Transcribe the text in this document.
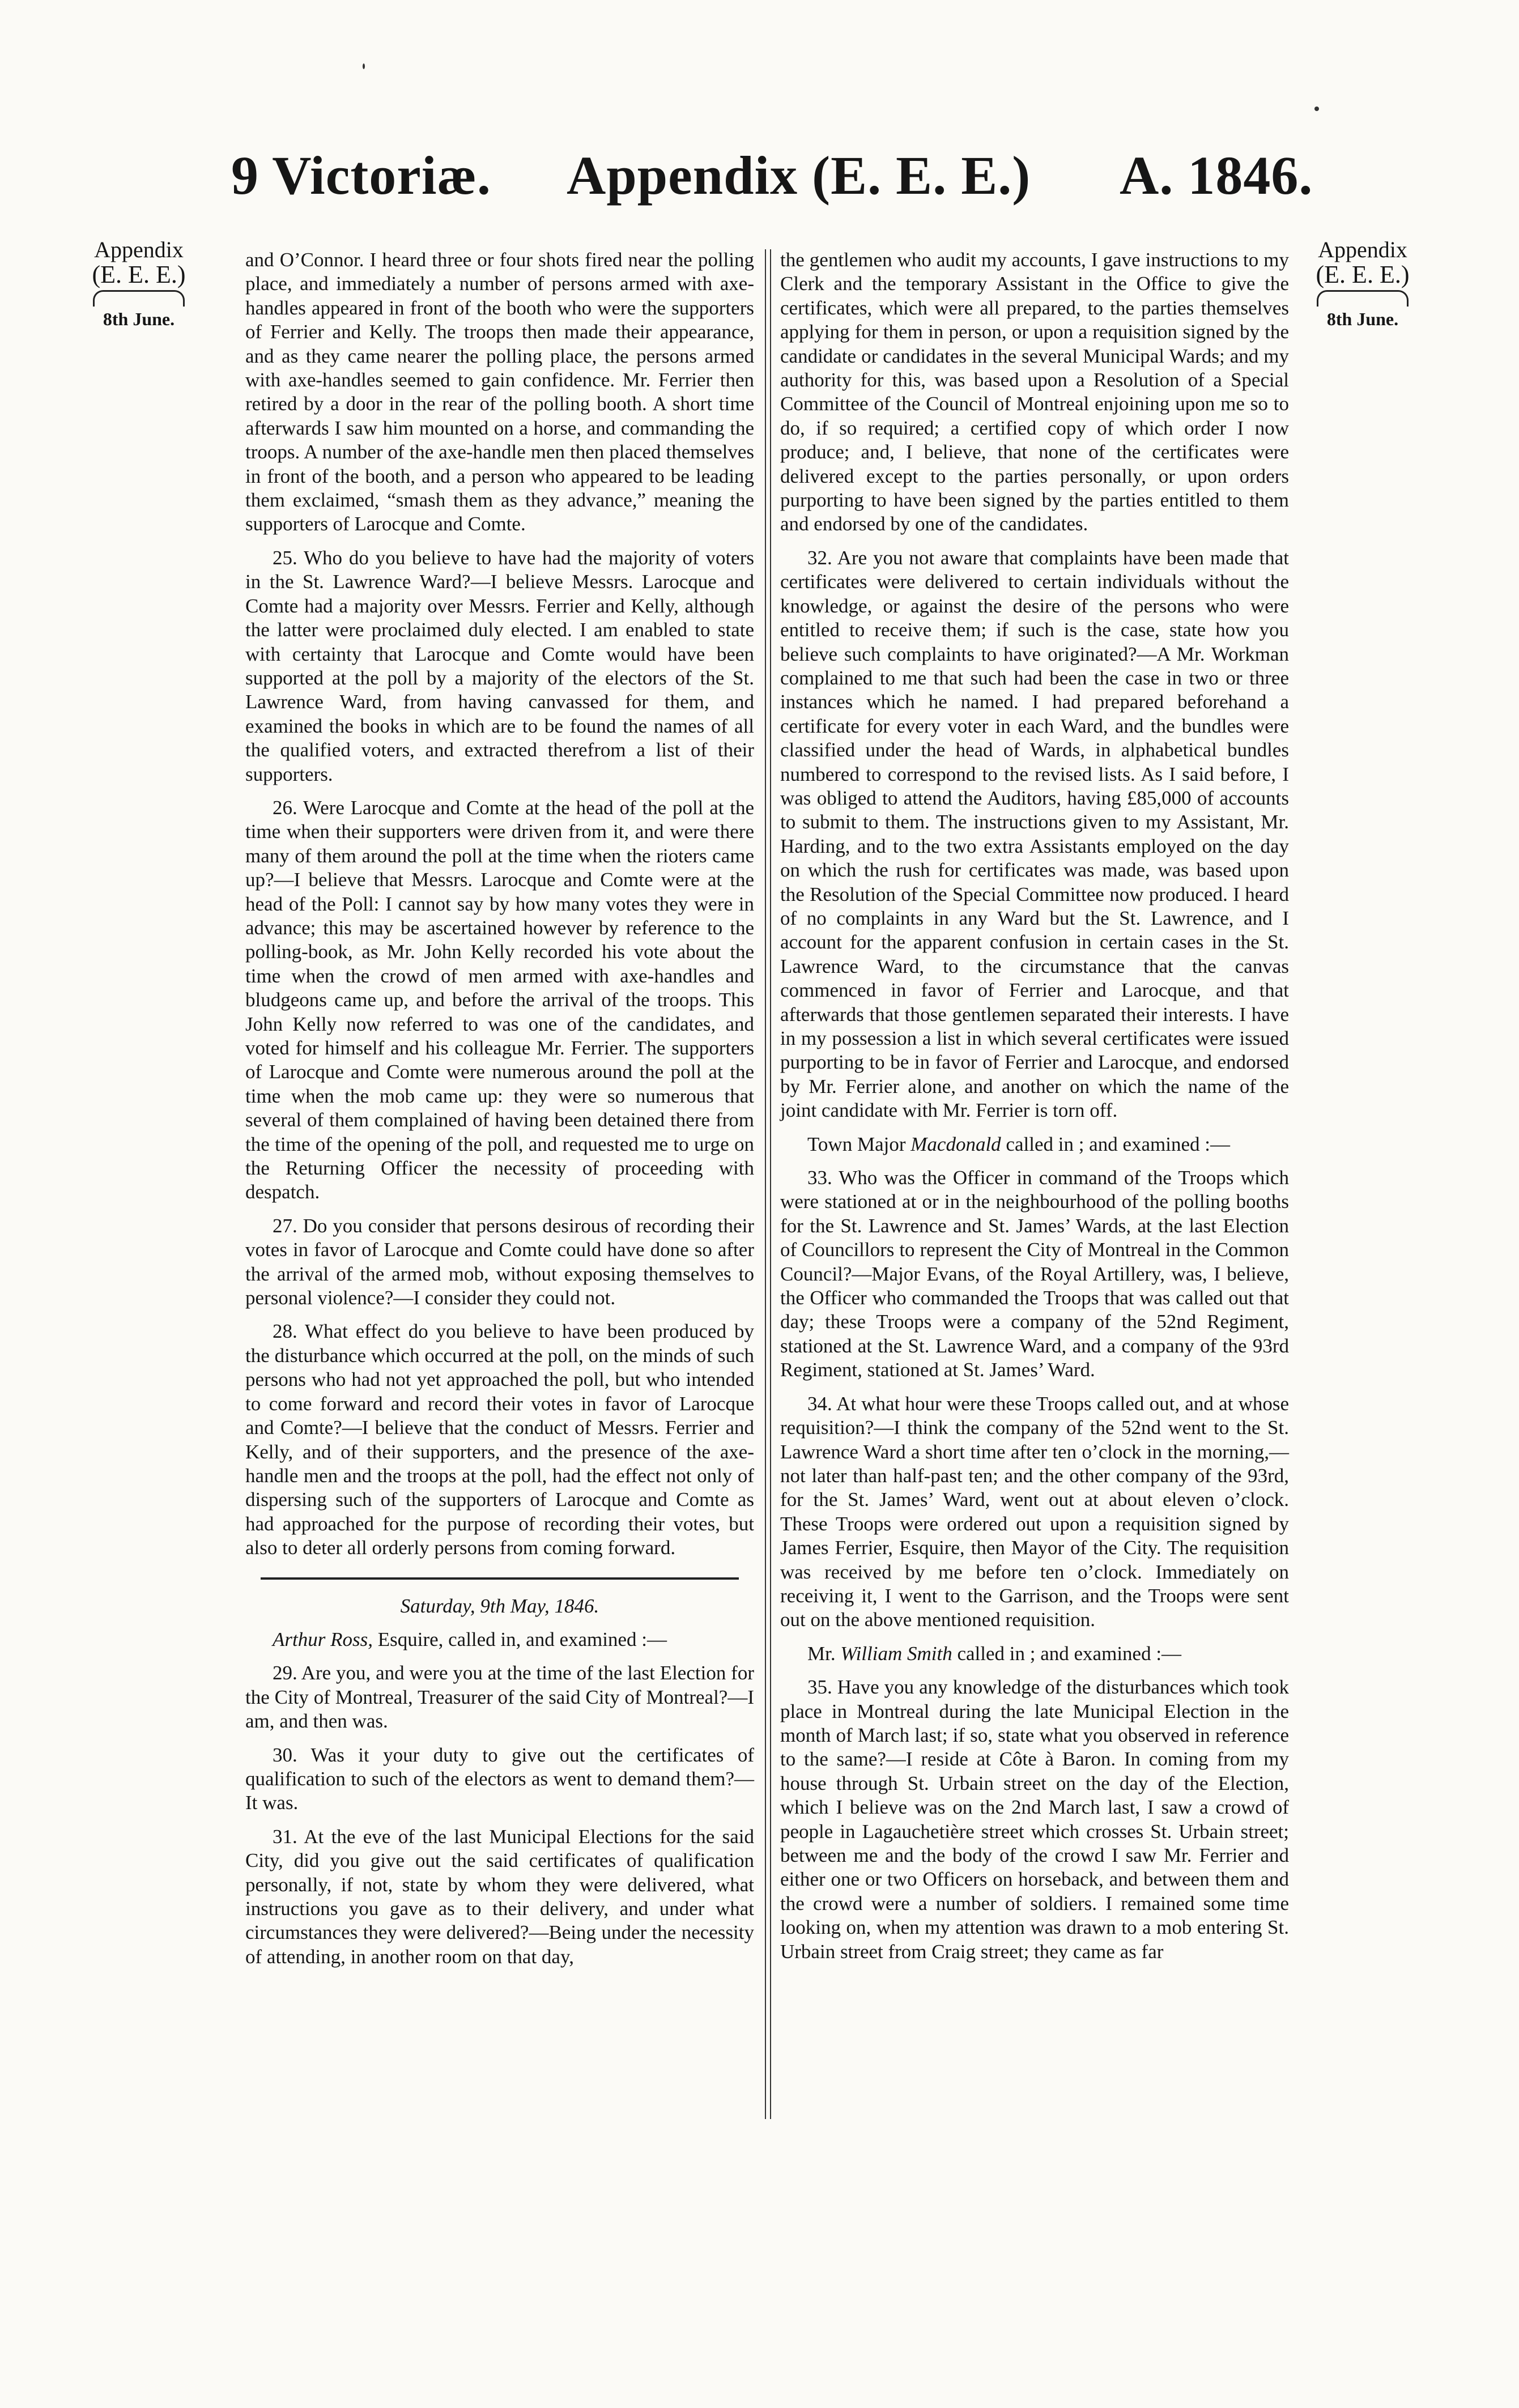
9 Victoriæ. Appendix (E. E. E.) A. 1846.
Appendix
(E. E. E.)
8th June.
Appendix
(E. E. E.)
8th June.

and O’Connor. I heard three or four shots fired near the polling place, and immediately a number of persons armed with axe-handles appeared in front of the booth who were the supporters of Ferrier and Kelly. The troops then made their appearance, and as they came nearer the polling place, the persons armed with axe-handles seemed to gain confidence. Mr. Ferrier then retired by a door in the rear of the polling booth. A short time afterwards I saw him mounted on a horse, and commanding the troops. A number of the axe-handle men then placed themselves in front of the booth, and a person who appeared to be leading them exclaimed, “smash them as they advance,” meaning the supporters of Larocque and Comte.

25. Who do you believe to have had the majority of voters in the St. Lawrence Ward?—I believe Messrs. Larocque and Comte had a majority over Messrs. Ferrier and Kelly, although the latter were proclaimed duly elected. I am enabled to state with certainty that Larocque and Comte would have been supported at the poll by a majority of the electors of the St. Lawrence Ward, from having canvassed for them, and examined the books in which are to be found the names of all the qualified voters, and extracted therefrom a list of their supporters.

26. Were Larocque and Comte at the head of the poll at the time when their supporters were driven from it, and were there many of them around the poll at the time when the rioters came up?—I believe that Messrs. Larocque and Comte were at the head of the Poll: I cannot say by how many votes they were in advance; this may be ascertained however by reference to the polling-book, as Mr. John Kelly recorded his vote about the time when the crowd of men armed with axe-handles and bludgeons came up, and before the arrival of the troops. This John Kelly now referred to was one of the candidates, and voted for himself and his colleague Mr. Ferrier. The supporters of Larocque and Comte were numerous around the poll at the time when the mob came up: they were so numerous that several of them complained of having been detained there from the time of the opening of the poll, and requested me to urge on the Returning Officer the necessity of proceeding with despatch.

27. Do you consider that persons desirous of recording their votes in favor of Larocque and Comte could have done so after the arrival of the armed mob, without exposing themselves to personal violence?—I consider they could not.

28. What effect do you believe to have been produced by the disturbance which occurred at the poll, on the minds of such persons who had not yet approached the poll, but who intended to come forward and record their votes in favor of Larocque and Comte?—I believe that the conduct of Messrs. Ferrier and Kelly, and of their supporters, and the presence of the axe-handle men and the troops at the poll, had the effect not only of dispersing such of the supporters of Larocque and Comte as had approached for the purpose of recording their votes, but also to deter all orderly persons from coming forward.

Saturday, 9th May, 1846.

Arthur Ross, Esquire, called in, and examined :—

29. Are you, and were you at the time of the last Election for the City of Montreal, Treasurer of the said City of Montreal?—I am, and then was.

30. Was it your duty to give out the certificates of qualification to such of the electors as went to demand them?—It was.

31. At the eve of the last Municipal Elections for the said City, did you give out the said certificates of qualification personally, if not, state by whom they were delivered, what instructions you gave as to their delivery, and under what circumstances they were delivered?—Being under the necessity of attending, in another room on that day,

the gentlemen who audit my accounts, I gave instructions to my Clerk and the temporary Assistant in the Office to give the certificates, which were all prepared, to the parties themselves applying for them in person, or upon a requisition signed by the candidate or candidates in the several Municipal Wards; and my authority for this, was based upon a Resolution of a Special Committee of the Council of Montreal enjoining upon me so to do, if so required; a certified copy of which order I now produce; and, I believe, that none of the certificates were delivered except to the parties personally, or upon orders purporting to have been signed by the parties entitled to them and endorsed by one of the candidates.

32. Are you not aware that complaints have been made that certificates were delivered to certain individuals without the knowledge, or against the desire of the persons who were entitled to receive them; if such is the case, state how you believe such complaints to have originated?—A Mr. Workman complained to me that such had been the case in two or three instances which he named. I had prepared beforehand a certificate for every voter in each Ward, and the bundles were classified under the head of Wards, in alphabetical bundles numbered to correspond to the revised lists. As I said before, I was obliged to attend the Auditors, having £85,000 of accounts to submit to them. The instructions given to my Assistant, Mr. Harding, and to the two extra Assistants employed on the day on which the rush for certificates was made, was based upon the Resolution of the Special Committee now produced. I heard of no complaints in any Ward but the St. Lawrence, and I account for the apparent confusion in certain cases in the St. Lawrence Ward, to the circumstance that the canvas commenced in favor of Ferrier and Larocque, and that afterwards that those gentlemen separated their interests. I have in my possession a list in which several certificates were issued purporting to be in favor of Ferrier and Larocque, and endorsed by Mr. Ferrier alone, and another on which the name of the joint candidate with Mr. Ferrier is torn off.

Town Major Macdonald called in ; and examined :—

33. Who was the Officer in command of the Troops which were stationed at or in the neighbourhood of the polling booths for the St. Lawrence and St. James’ Wards, at the last Election of Councillors to represent the City of Montreal in the Common Council?—Major Evans, of the Royal Artillery, was, I believe, the Officer who commanded the Troops that was called out that day; these Troops were a company of the 52nd Regiment, stationed at the St. Lawrence Ward, and a company of the 93rd Regiment, stationed at St. James’ Ward.

34. At what hour were these Troops called out, and at whose requisition?—I think the company of the 52nd went to the St. Lawrence Ward a short time after ten o’clock in the morning,—not later than half-past ten; and the other company of the 93rd, for the St. James’ Ward, went out at about eleven o’clock. These Troops were ordered out upon a requisition signed by James Ferrier, Esquire, then Mayor of the City. The requisition was received by me before ten o’clock. Immediately on receiving it, I went to the Garrison, and the Troops were sent out on the above mentioned requisition.

Mr. William Smith called in ; and examined :—

35. Have you any knowledge of the disturbances which took place in Montreal during the late Municipal Election in the month of March last; if so, state what you observed in reference to the same?—I reside at Côte à Baron. In coming from my house through St. Urbain street on the day of the Election, which I believe was on the 2nd March last, I saw a crowd of people in Lagauchetière street which crosses St. Urbain street; between me and the body of the crowd I saw Mr. Ferrier and either one or two Officers on horseback, and between them and the crowd were a number of soldiers. I remained some time looking on, when my attention was drawn to a mob entering St. Urbain street from Craig street; they came as far
